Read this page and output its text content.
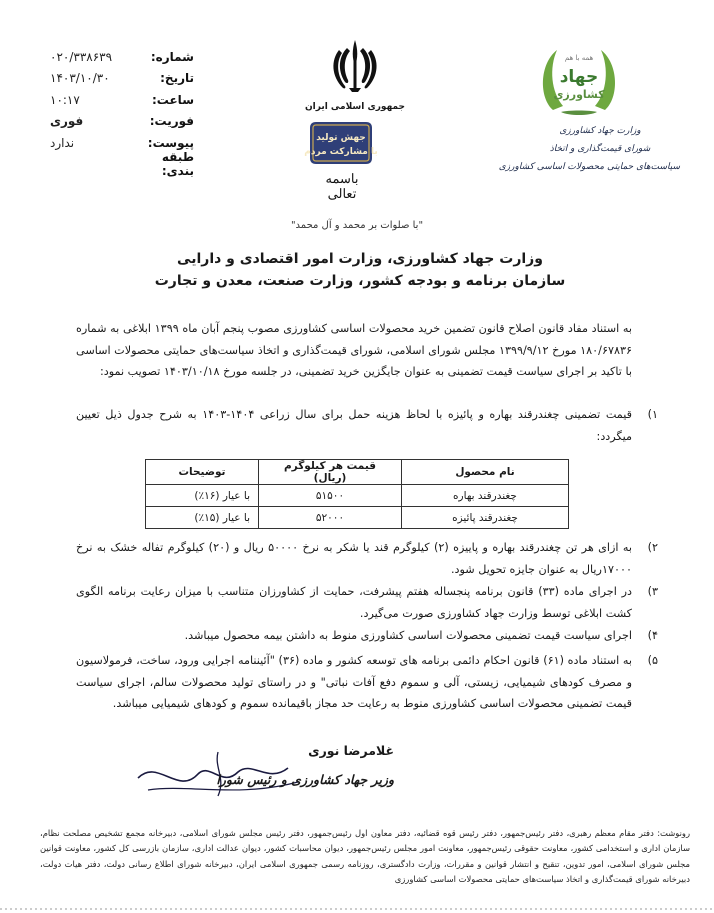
شماره:
۰۲۰/۳۳۸۶۳۹
تاریخ:
۱۴۰۳/۱۰/۳۰
ساعت:
۱۰:۱۷
فوریت:
فوری
پیوست:
ندارد
طبقه بندی:
جمهوری اسلامی ایران
جهش تولید
با مشارکت مردم
باسمه تعالی
همه با هم
جهاد
کشاورزی
وزارت جهاد کشاورزی
شورای قیمت‌گذاری و اتخاذ
سیاست‌های حمایتی محصولات اساسی کشاورزی
"با صلوات بر محمد و آل محمد"
وزارت جهاد کشاورزی، وزارت امور اقتصادی و دارایی
سازمان برنامه و بودجه کشور، وزارت صنعت، معدن و تجارت
به استناد مفاد قانون اصلاح قانون تضمین خرید محصولات اساسی کشاورزی مصوب پنجم آبان ماه ۱۳۹۹ ابلاغی به شماره ۱۸۰/۶۷۸۳۶ مورخ ۱۳۹۹/۹/۱۲ مجلس شورای اسلامی، شورای قیمت‌گذاری و اتخاذ سیاست‌های حمایتی محصولات اساسی با تاکید بر اجرای سیاست قیمت تضمینی به عنوان جایگزین خرید تضمینی، در جلسه مورخ ۱۴۰۳/۱۰/۱۸ تصویب نمود:
۱)
قیمت تضمینی چغندرقند بهاره و پائیزه با لحاظ هزینه حمل برای سال زراعی ۱۴۰۴-۱۴۰۳ به شرح جدول ذیل تعیین میگردد:
نام محصول	قیمت هر کیلوگرم (ریال)	توضیحات
چغندرقند بهاره	۵۱۵۰۰	با عیار (۱۶٪)
چغندرقند پائیزه	۵۲۰۰۰	با عیار (۱۵٪)
۲)
به ازای هر تن چغندرقند بهاره و پاییزه (۲) کیلوگرم قند یا شکر به نرخ ۵۰۰۰۰ ریال و (۲۰) کیلوگرم تفاله خشک به نرخ ۱۷۰۰۰ریال به عنوان جایزه تحویل شود.
۳)
در اجرای ماده (۳۳) قانون برنامه پنجساله هفتم پیشرفت، حمایت از کشاورزان متناسب با میزان رعایت برنامه الگوی کشت ابلاغی توسط وزارت جهاد کشاورزی صورت می‌گیرد.
۴)
اجرای سیاست قیمت تضمینی محصولات اساسی کشاورزی منوط به داشتن بیمه محصول میباشد.
۵)
به استناد ماده (۶۱) قانون احکام دائمی برنامه های توسعه کشور و ماده (۳۶) "آئیننامه اجرایی ورود، ساخت، فرمولاسیون و مصرف کودهای شیمیایی، زیستی، آلی و سموم دفع آفات نباتی" و در راستای تولید محصولات سالم، اجرای سیاست قیمت تضمینی محصولات اساسی کشاورزی منوط به رعایت حد مجاز باقیمانده سموم و کودهای شیمیایی میباشد.
غلامرضا نوری
وزیر جهاد کشاورزی و رئیس شورا
رونوشت: دفتر مقام معظم رهبری، دفتر رئیس‌جمهور، دفتر رئیس قوه قضائیه، دفتر معاون اول رئیس‌جمهور، دفتر رئیس مجلس شورای اسلامی، دبیرخانه مجمع تشخیص مصلحت نظام، سازمان اداری و استخدامی کشور، معاونت حقوقی رئیس‌جمهور، معاونت امور مجلس رئیس‌جمهور، دیوان محاسبات کشور، دیوان عدالت اداری، سازمان بازرسی کل کشور، معاونت قوانین مجلس شورای اسلامی، امور تدوین، تنقیح و انتشار قوانین و مقررات، وزارت دادگستری، روزنامه رسمی جمهوری اسلامی ایران، دبیرخانه شورای اطلاع رسانی دولت، دفتر هیات دولت، دبیرخانه شورای قیمت‌گذاری و اتخاذ سیاست‌های حمایتی محصولات اساسی کشاورزی
